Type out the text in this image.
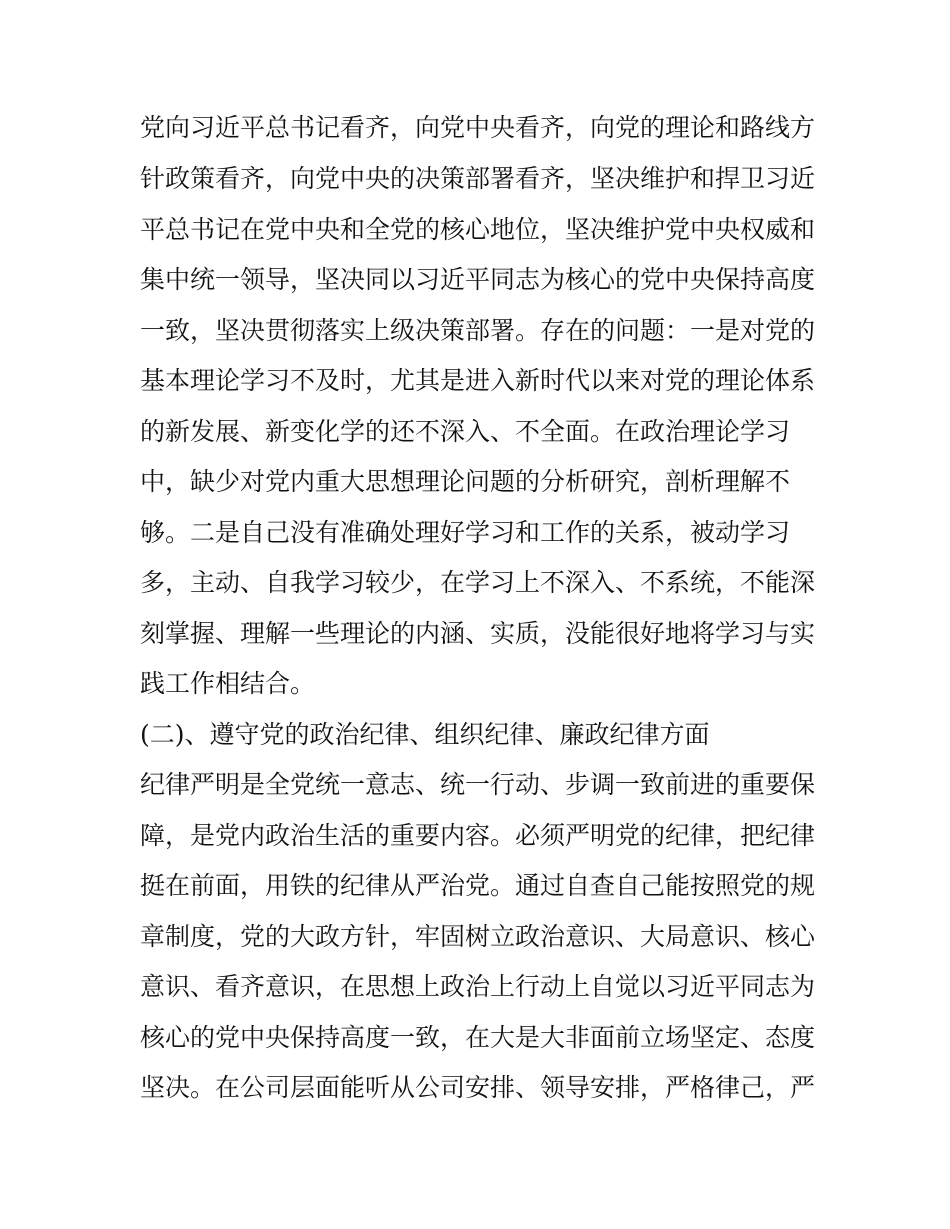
党向习近平总书记看齐，向党中央看齐，向党的理论和路线方
针政策看齐，向党中央的决策部署看齐，坚决维护和捍卫习近
平总书记在党中央和全党的核心地位，坚决维护党中央权威和
集中统一领导，坚决同以习近平同志为核心的党中央保持高度
一致，坚决贯彻落实上级决策部署。存在的问题：一是对党的
基本理论学习不及时，尤其是进入新时代以来对党的理论体系
的新发展、新变化学的还不深入、不全面。在政治理论学习
中，缺少对党内重大思想理论问题的分析研究，剖析理解不
够。二是自己没有准确处理好学习和工作的关系，被动学习
多，主动、自我学习较少，在学习上不深入、不系统，不能深
刻掌握、理解一些理论的内涵、实质，没能很好地将学习与实
践工作相结合。
(二)、遵守党的政治纪律、组织纪律、廉政纪律方面
纪律严明是全党统一意志、统一行动、步调一致前进的重要保
障，是党内政治生活的重要内容。必须严明党的纪律，把纪律
挺在前面，用铁的纪律从严治党。通过自查自己能按照党的规
章制度，党的大政方针，牢固树立政治意识、大局意识、核心
意识、看齐意识，在思想上政治上行动上自觉以习近平同志为
核心的党中央保持高度一致，在大是大非面前立场坚定、态度
坚决。在公司层面能听从公司安排、领导安排，严格律己，严
